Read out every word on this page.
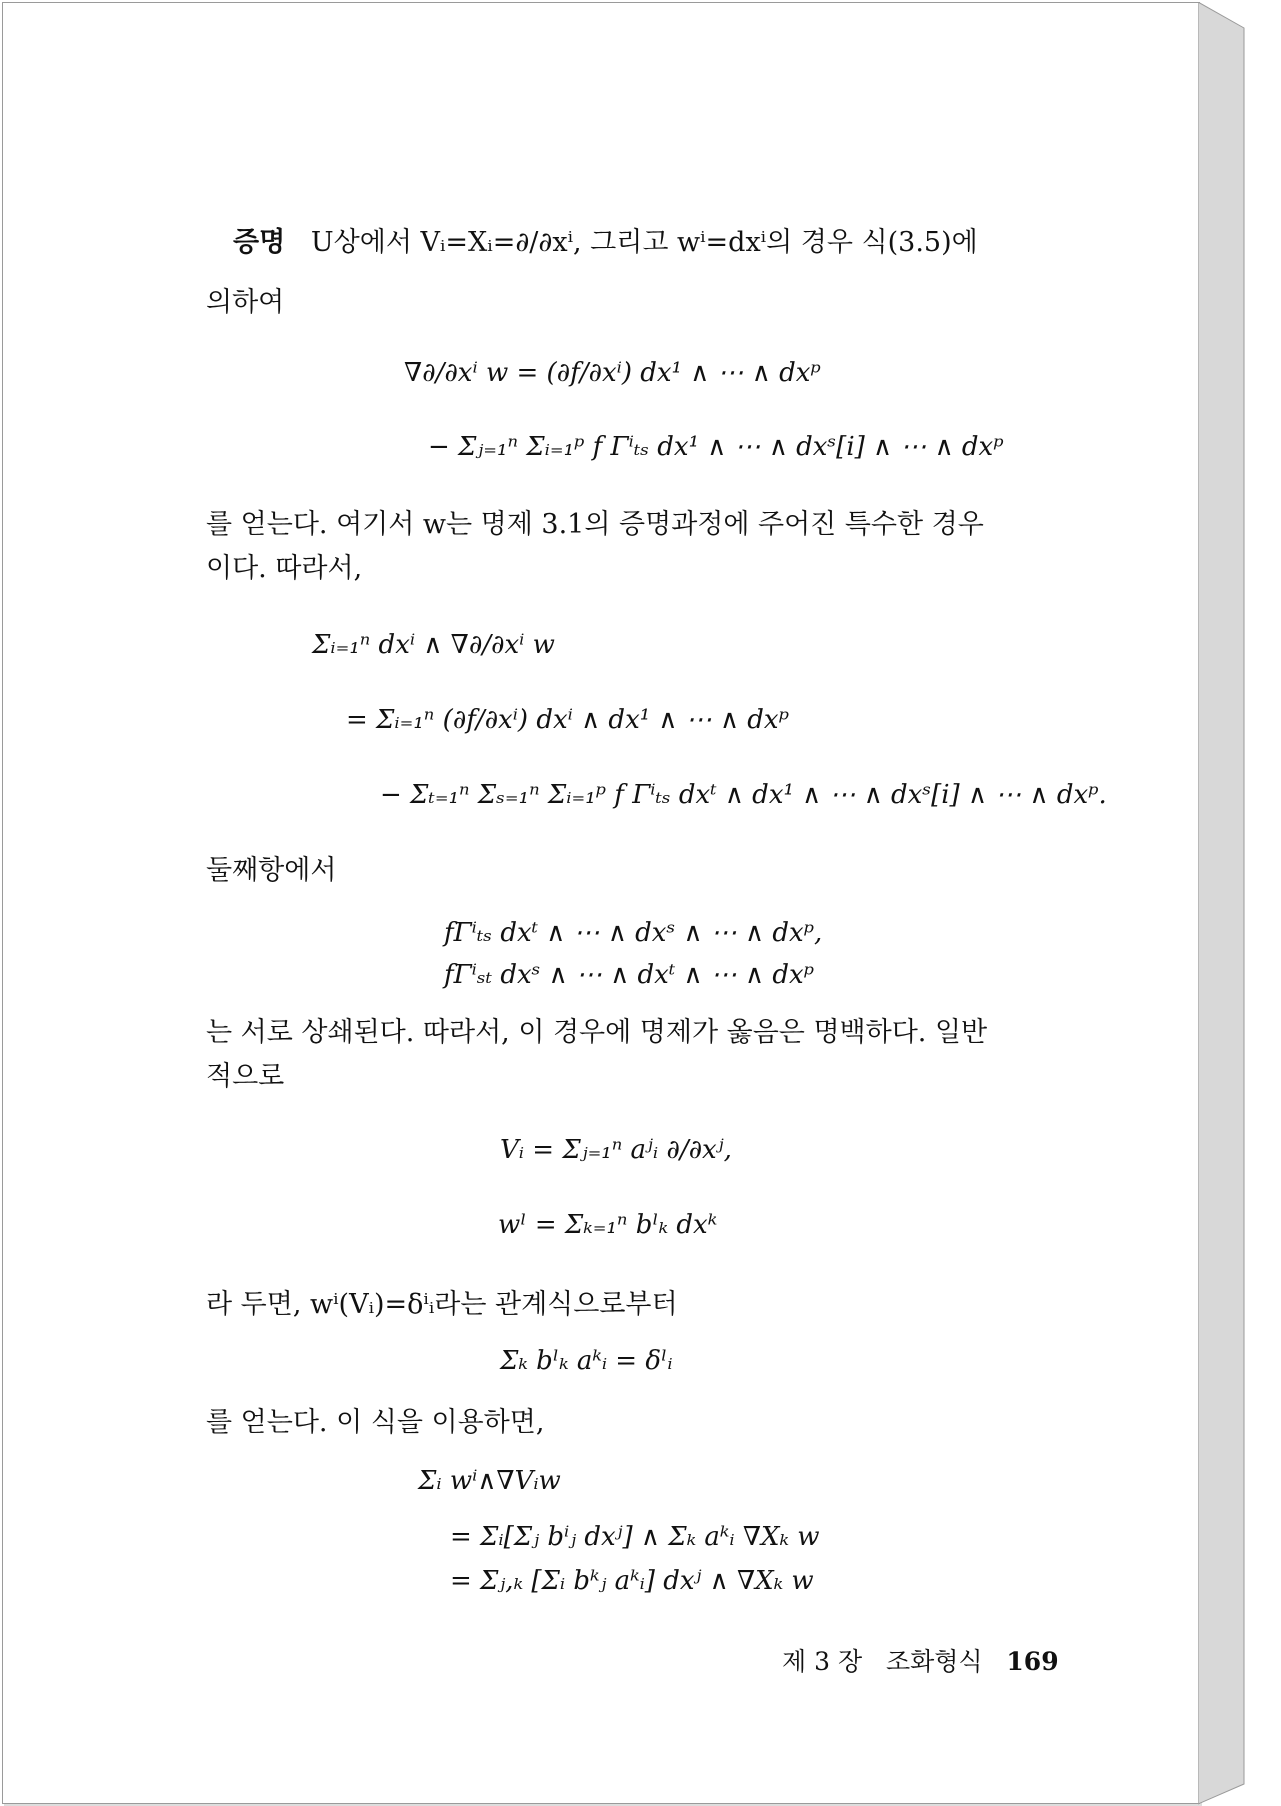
증명 U상에서 Vᵢ=Xᵢ=∂/∂xⁱ, 그리고 wⁱ=dxⁱ의 경우 식(3.5)에
의하여
∇∂/∂xⁱ w = (∂f/∂xⁱ) dx¹ ∧ ⋯ ∧ dxᵖ
− Σⱼ₌₁ⁿ Σᵢ₌₁ᵖ f Γⁱₜₛ dx¹ ∧ ⋯ ∧ dxˢ[i] ∧ ⋯ ∧ dxᵖ
를 얻는다. 여기서 w는 명제 3.1의 증명과정에 주어진 특수한 경우
이다. 따라서,
Σᵢ₌₁ⁿ dxⁱ ∧ ∇∂/∂xⁱ w
= Σᵢ₌₁ⁿ (∂f/∂xⁱ) dxⁱ ∧ dx¹ ∧ ⋯ ∧ dxᵖ
− Σₜ₌₁ⁿ Σₛ₌₁ⁿ Σᵢ₌₁ᵖ f Γⁱₜₛ dxᵗ ∧ dx¹ ∧ ⋯ ∧ dxˢ[i] ∧ ⋯ ∧ dxᵖ.
둘째항에서
fΓⁱₜₛ dxᵗ ∧ ⋯ ∧ dxˢ ∧ ⋯ ∧ dxᵖ,
fΓⁱₛₜ dxˢ ∧ ⋯ ∧ dxᵗ ∧ ⋯ ∧ dxᵖ
는 서로 상쇄된다. 따라서, 이 경우에 명제가 옳음은 명백하다. 일반
적으로
Vᵢ = Σⱼ₌₁ⁿ aʲᵢ ∂/∂xʲ,
wˡ = Σₖ₌₁ⁿ bˡₖ dxᵏ
라 두면, wⁱ(Vᵢ)=δⁱᵢ라는 관계식으로부터
Σₖ bˡₖ aᵏᵢ = δˡᵢ
를 얻는다. 이 식을 이용하면,
Σᵢ wⁱ∧∇Vᵢw
= Σᵢ[Σⱼ bⁱⱼ dxʲ] ∧ Σₖ aᵏᵢ ∇Xₖ w
= Σⱼ,ₖ [Σᵢ bᵏⱼ aᵏᵢ] dxʲ ∧ ∇Xₖ w
제 3 장 조화형식 169
